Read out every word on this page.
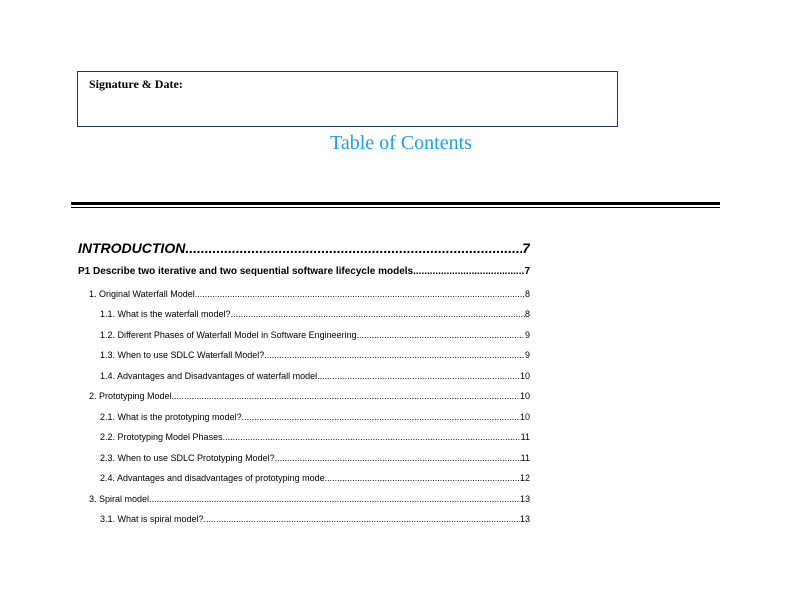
Signature & Date:
Table of Contents
INTRODUCTION .....	7
P1 Describe two iterative and two sequential software lifecycle models .....	7
1. Original Waterfall Model .....	8
1.1. What is the waterfall model? .....	8
1.2. Different Phases of Waterfall Model in Software Engineering .....	9
1.3. When to use SDLC Waterfall Model? .....	9
1.4. Advantages and Disadvantages of waterfall model .....	10
2. Prototyping Model .....	10
2.1. What is the prototyping model? .....	10
2.2. Prototyping Model Phases .....	11
2.3. When to use SDLC Prototyping Model? .....	11
2.4. Advantages and disadvantages of prototyping mode .....	12
3. Spiral model .....	13
3.1. What is spiral model? .....	13
